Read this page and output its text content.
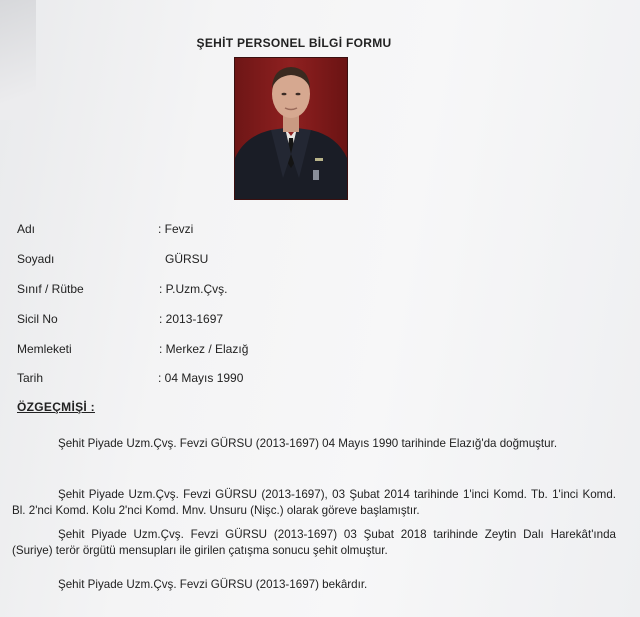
ŞEHİT PERSONEL BİLGİ FORMU
Adı	: Fevzi
Soyadı	GÜRSU
Sınıf / Rütbe	: P.Uzm.Çvş.
Sicil No	: 2013-1697
Memleketi	: Merkez / Elazığ
Tarih	: 04 Mayıs 1990
ÖZGEÇMİŞİ :

Şehit Piyade Uzm.Çvş. Fevzi GÜRSU (2013-1697) 04 Mayıs 1990 tarihinde Elazığ'da doğmuştur.

Şehit Piyade Uzm.Çvş. Fevzi GÜRSU (2013-1697), 03 Şubat 2014 tarihinde 1'inci Komd. Tb. 1'inci Komd. Bl. 2'nci Komd. Kolu 2'nci Komd. Mnv. Unsuru (Nişc.) olarak göreve başlamıştır.

Şehit Piyade Uzm.Çvş. Fevzi GÜRSU (2013-1697) 03 Şubat 2018 tarihinde Zeytin Dalı Harekât'ında (Suriye) terör örgütü mensupları ile girilen çatışma sonucu şehit olmuştur.

Şehit Piyade Uzm.Çvş. Fevzi GÜRSU (2013-1697) bekârdır.
